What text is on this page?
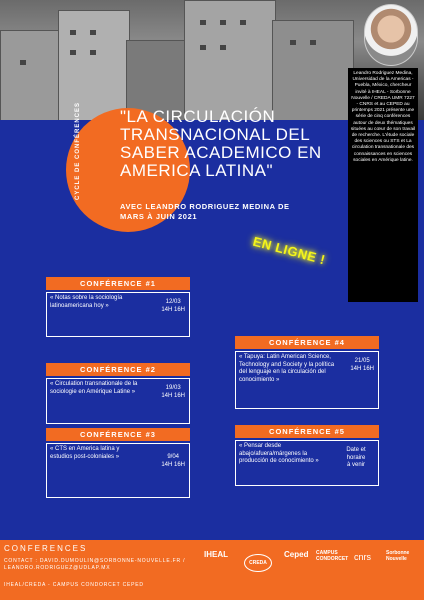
Leandro Rodriguez Medina, Universidad de la Americas - Puebla, México, chercheur invité à IHEAL - Sorbonne Nouvelle / CREDA UMR 7227 - CNRS et au CEPED au printemps 2021 présente une série de cinq conférences autour de deux thématiques situées au cœur de son travail de recherche. L'étude sociale des sciences ou STS et La circulation transnationale des connaissances en sciences sociales en Amérique latine.
CYCLE DE CONFÉRENCES "LA CIRCULACIÓN TRANSNACIONAL DEL SABER ACADEMICO EN AMERICA LATINA"
AVEC LEANDRO RODRIGUEZ MEDINA DE MARS À JUIN 2021
EN LIGNE !
CONFÉRENCE #1
« Notas sobre la sociología latinoamericana hoy »
12/03
14H 16H
CONFÉRENCE #2
« Circulation transnationale de la sociologie en Amérique Latine »
19/03
14H 16H
CONFÉRENCE #3
« CTS en America latina y estudios post-coloniales »	9/04
14H 16H
CONFÉRENCE #4
« Tapuya: Latin American Science, Technology and Society y la política del lenguaje en la circulación del conocimiento »
21/05
14H 16H
CONFÉRENCE #5
« Pensar desde abajo/afuera/márgenes la producción de conocimiento »
Date et horaire
à venir
CONFERENCES
CONTACT : DAVID.DUMOULIN@SORBONNE-NOUVELLE.FR / LEANDRO.RODRIGUEZ@UDLAP.MX
IHEAL/CREDA - CAMPUS CONDORCET CEPED
IHEAL
CREDA
Ceped CAMPUS CONDORCET cnrs	Sorbonne Nouvelle
